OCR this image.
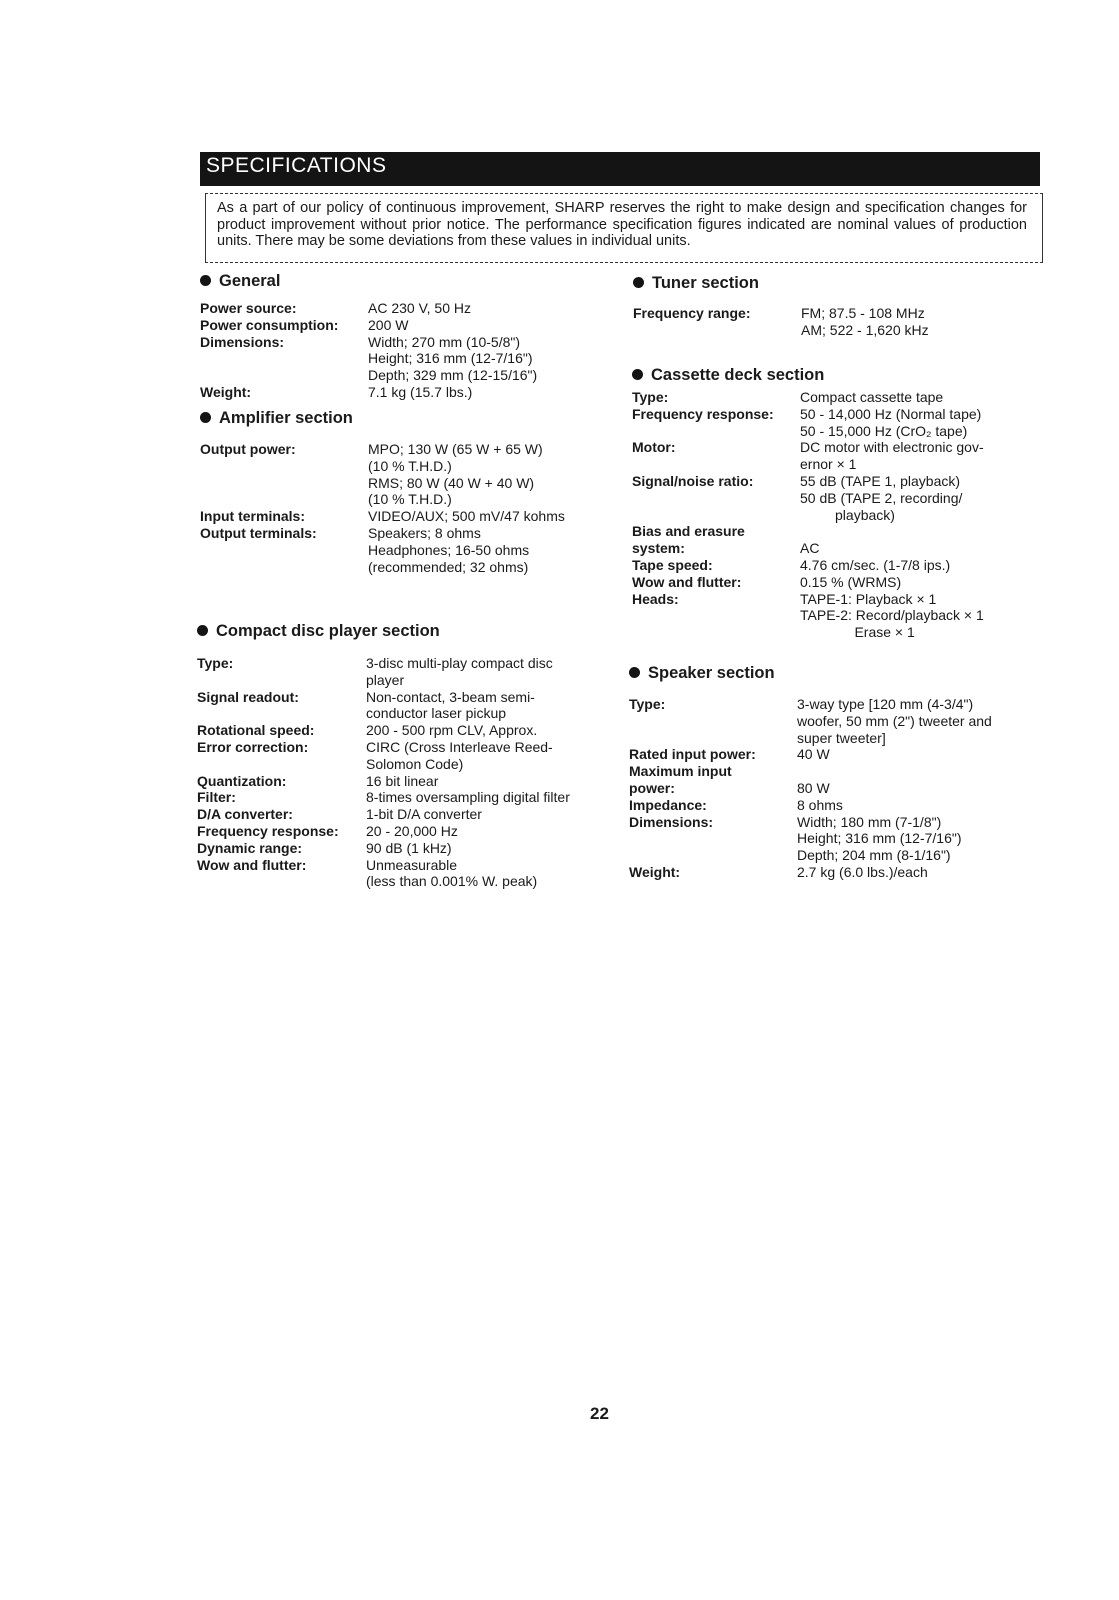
SPECIFICATIONS
As a part of our policy of continuous improvement, SHARP reserves the right to make design and specification changes for product improvement without prior notice. The performance specification figures indicated are nominal values of production units. There may be some deviations from these values in individual units.
General
Power source:	AC 230 V, 50 Hz
Power consumption: 200 W
Dimensions:	Width; 270 mm (10-5/8")
Height; 316 mm (12-7/16")
Depth; 329 mm (12-15/16")
Weight:	7.1 kg (15.7 lbs.)
Amplifier section
Output power:	MPO; 130 W (65 W + 65 W)
(10 % T.H.D.)
RMS; 80 W (40 W + 40 W)
(10 % T.H.D.)
Input terminals:	VIDEO/AUX; 500 mV/47 kohms
Output terminals:	Speakers; 8 ohms
Headphones; 16-50 ohms
(recommended; 32 ohms)
Compact disc player section
Type:	3-disc multi-play compact disc
player
Signal readout:	Non-contact, 3-beam semi-
conductor laser pickup
Rotational speed:	200 - 500 rpm CLV, Approx.
Error correction:	CIRC (Cross Interleave Reed-
Solomon Code)
Quantization:	16 bit linear
Filter:	8-times oversampling digital filter
D/A converter:	1-bit D/A converter
Frequency response: 20 - 20,000 Hz
Dynamic range:	90 dB (1 kHz)
Wow and flutter:	Unmeasurable
(less than 0.001% W. peak)
Tuner section
Frequency range:	FM; 87.5 - 108 MHz
AM; 522 - 1,620 kHz
Cassette deck section
Type:	Compact cassette tape
Frequency response: 50 - 14,000 Hz (Normal tape)
50 - 15,000 Hz (CrO₂ tape)
Motor:	DC motor with electronic gov-
ernor × 1
Signal/noise ratio:	55 dB (TAPE 1, playback)
50 dB (TAPE 2, recording/
playback)
Bias and erasure
system:	AC
Tape speed:	4.76 cm/sec. (1-7/8 ips.)
Wow and flutter:	0.15 % (WRMS)
Heads:	TAPE-1: Playback × 1
TAPE-2: Record/playback × 1
Erase × 1
Speaker section
Type:	3-way type [120 mm (4-3/4")
woofer, 50 mm (2") tweeter and
super tweeter]
Rated input power:	40 W
Maximum input
power:	80 W
Impedance:	8 ohms
Dimensions:	Width; 180 mm (7-1/8")
Height; 316 mm (12-7/16")
Depth; 204 mm (8-1/16")
Weight:	2.7 kg (6.0 lbs.)/each
22
